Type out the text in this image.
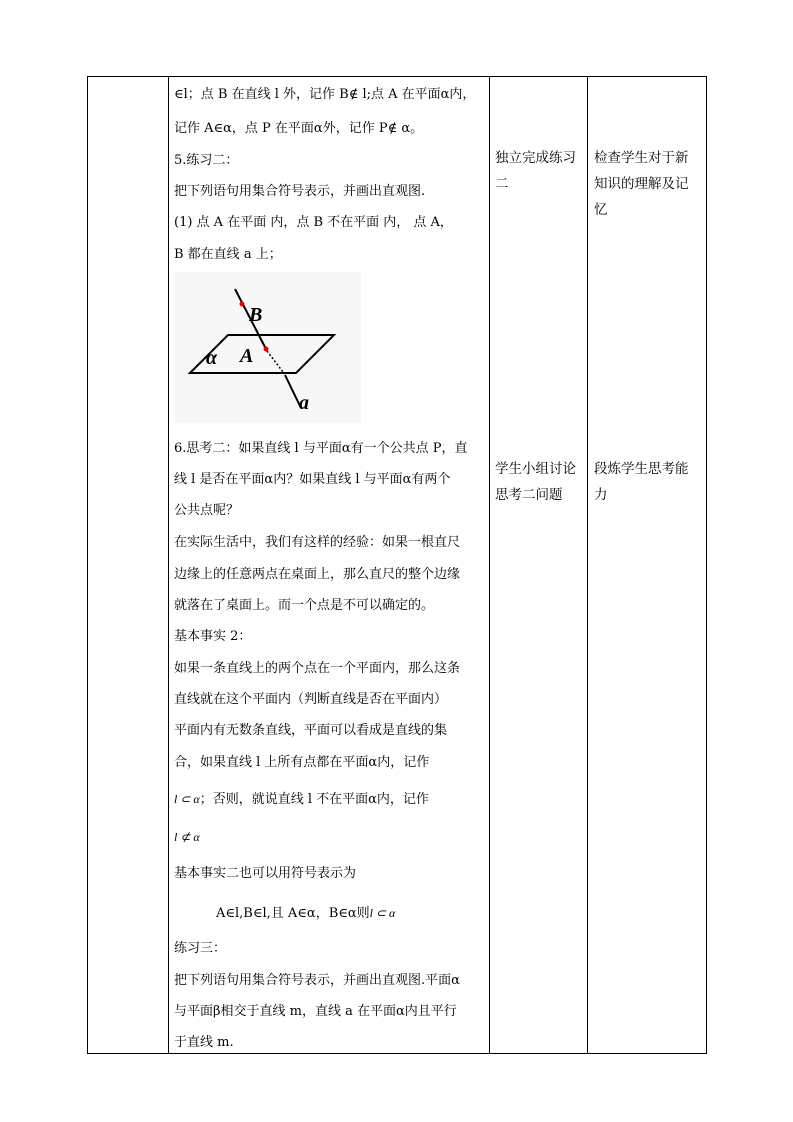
∈l；点 B 在直线 l 外，记作 B∉ l;点 A 在平面α内，
记作 A∈α，点 P 在平面α外，记作 P∉ α。
5.练习二：
把下列语句用集合符号表示，并画出直观图.
(1) 点 A 在平面 内，点 B 不在平面 内， 点 A，
B 都在直线 a 上；
6.思考二：如果直线 l 与平面α有一个公共点 P，直
线 l 是否在平面α内？如果直线 l 与平面α有两个
公共点呢？
在实际生活中，我们有这样的经验：如果一根直尺
边缘上的任意两点在桌面上，那么直尺的整个边缘
就落在了桌面上。而一个点是不可以确定的。
基本事实 2：
如果一条直线上的两个点在一个平面内，那么这条
直线就在这个平面内（判断直线是否在平面内）
平面内有无数条直线，平面可以看成是直线的集
合，如果直线 l 上所有点都在平面α内，记作
l ⊂ α；否则，就说直线 l 不在平面α内，记作
l ⊄ α
基本事实二也可以用符号表示为
A∈l,B∈l,且 A∈α，B∈α则l ⊂ α
练习三：
把下列语句用集合符号表示，并画出直观图.平面α
与平面β相交于直线 m，直线 a 在平面α内且平行
于直线 m.
B
A
α
a
独立完成练习
二
学生小组讨论
思考二问题
检查学生对于新
知识的理解及记
忆
段炼学生思考能
力
